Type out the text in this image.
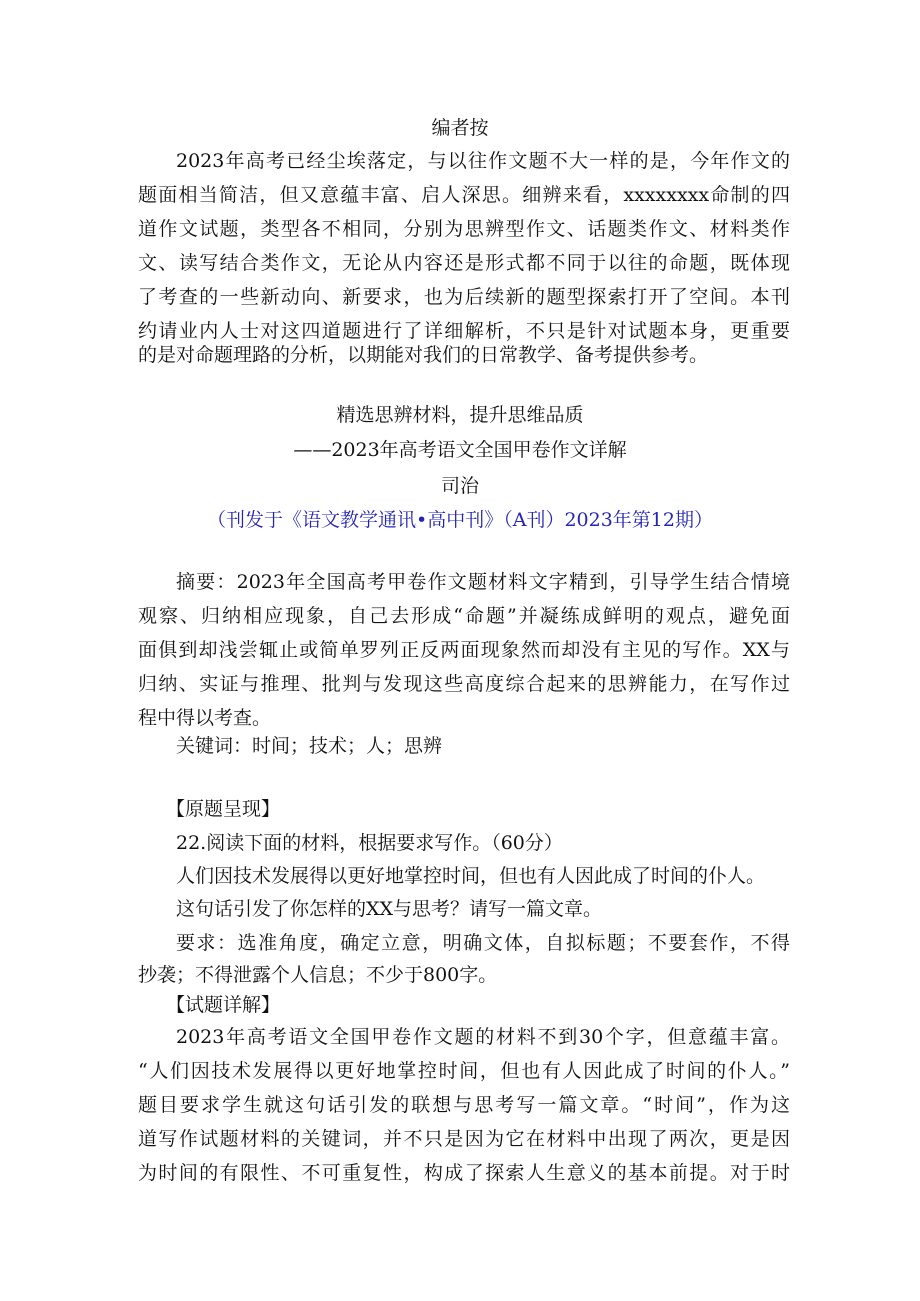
编者按
2023年高考已经尘埃落定，与以往作文题不大一样的是，今年作文的
题面相当简洁，但又意蕴丰富、启人深思。细辨来看，xxxxxxxx命制的四
道作文试题，类型各不相同，分别为思辨型作文、话题类作文、材料类作
文、读写结合类作文，无论从内容还是形式都不同于以往的命题，既体现
了考查的一些新动向、新要求，也为后续新的题型探索打开了空间。本刊
约请业内人士对这四道题进行了详细解析，不只是针对试题本身，更重要
的是对命题理路的分析，以期能对我们的日常教学、备考提供参考。
精选思辨材料，提升思维品质
——2023年高考语文全国甲卷作文详解
司治
（刊发于《语文教学通讯•高中刊》（A刊）2023年第12期）
摘要：2023年全国高考甲卷作文题材料文字精到，引导学生结合情境
观察、归纳相应现象，自己去形成“命题”并凝练成鲜明的观点，避免面
面俱到却浅尝辄止或简单罗列正反两面现象然而却没有主见的写作。XX与
归纳、实证与推理、批判与发现这些高度综合起来的思辨能力，在写作过
程中得以考查。
关键词：时间；技术；人；思辨
【原题呈现】
22.阅读下面的材料，根据要求写作。（60分）
人们因技术发展得以更好地掌控时间，但也有人因此成了时间的仆人。
这句话引发了你怎样的XX与思考？请写一篇文章。
要求：选准角度，确定立意，明确文体，自拟标题；不要套作，不得
抄袭；不得泄露个人信息；不少于800字。
【试题详解】
2023年高考语文全国甲卷作文题的材料不到30个字，但意蕴丰富。
“人们因技术发展得以更好地掌控时间，但也有人因此成了时间的仆人。”
题目要求学生就这句话引发的联想与思考写一篇文章。“时间”，作为这
道写作试题材料的关键词，并不只是因为它在材料中出现了两次，更是因
为时间的有限性、不可重复性，构成了探索人生意义的基本前提。对于时
